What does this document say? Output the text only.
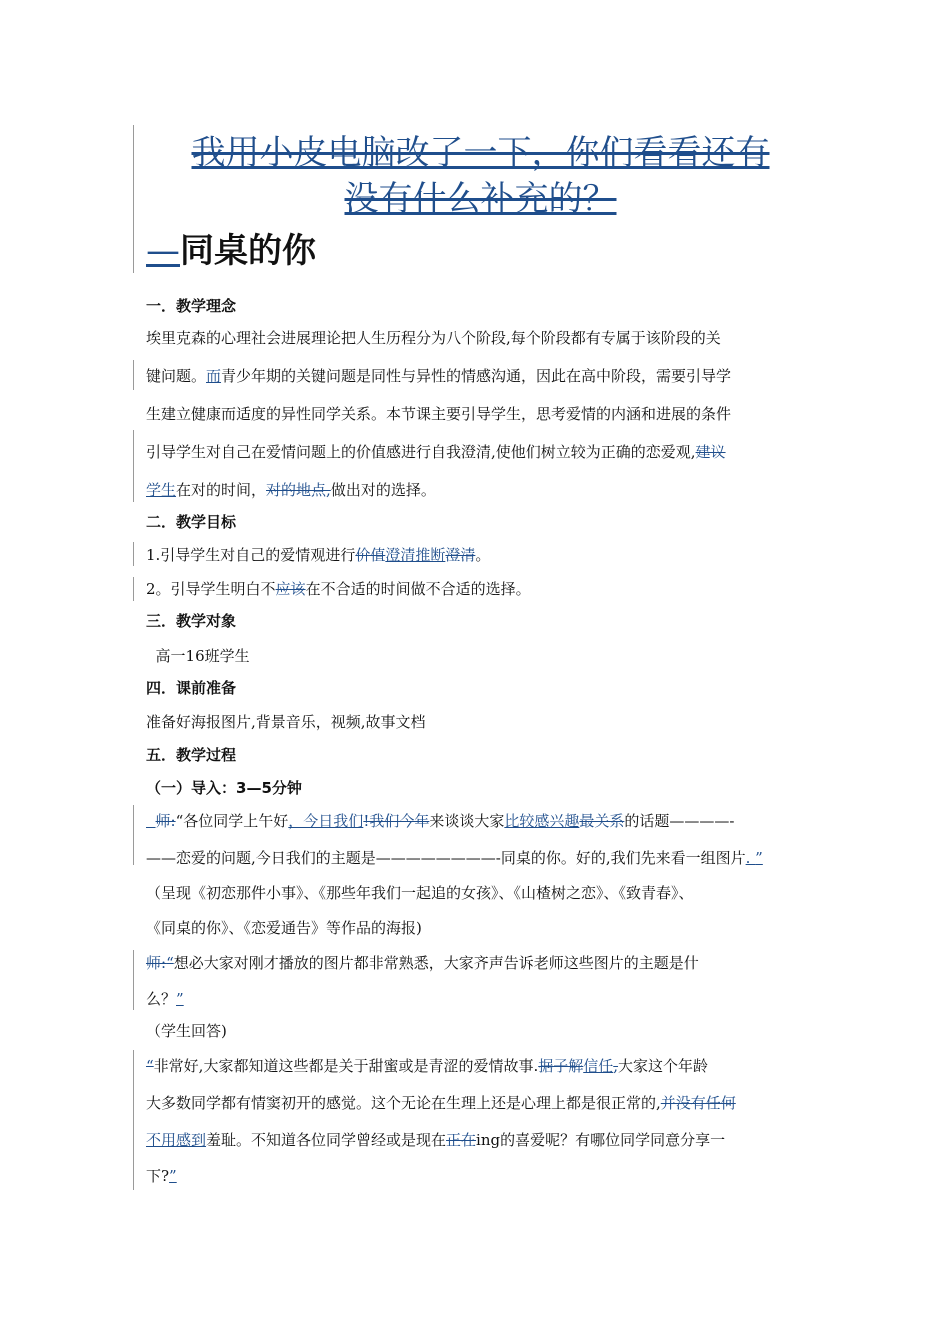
我用小皮电脑改了一下，你们看看还有
没有什么补充的？
—同桌的你
一．教学理念
埃里克森的心理社会进展理论把人生历程分为八个阶段,每个阶段都有专属于该阶段的关
键问题。而青少年期的关键问题是同性与异性的情感沟通，因此在高中阶段，需要引导学
生建立健康而适度的异性同学关系。本节课主要引导学生，思考爱情的内涵和进展的条件
引导学生对自己在爱情问题上的价值感进行自我澄清,使他们树立较为正确的恋爱观,建议
学生在对的时间，对的地点,做出对的选择。
二．教学目标
1.引导学生对自己的爱情观进行价值澄清推断澄清。
2。引导学生明白不应该在不合适的时间做不合适的选择。
三．教学对象
高一16班学生
四．课前准备
准备好海报图片,背景音乐，视频,故事文档
五．教学过程
（一）导入：3—5分钟
师:“各位同学上午好，今日我们!我们今年来谈谈大家比较感兴趣最关系的话题————-
——恋爱的问题,今日我们的主题是————————-同桌的你。好的,我们先来看一组图片. ”
（呈现《初恋那件小事》、《那些年我们一起追的女孩》、《山楂树之恋》、《致青春》、
《同桌的你》、《恋爱通告》等作品的海报)
师:“想必大家对刚才播放的图片都非常熟悉，大家齐声告诉老师这些图片的主题是什
么？”
（学生回答)
“非常好,大家都知道这些都是关于甜蜜或是青涩的爱情故事.据子解信任,大家这个年龄
大多数同学都有情窦初开的感觉。这个无论在生理上还是心理上都是很正常的,并没有任何
不用感到羞耻。不知道各位同学曾经或是现在正在ing的喜爱呢？有哪位同学同意分享一
下?”
